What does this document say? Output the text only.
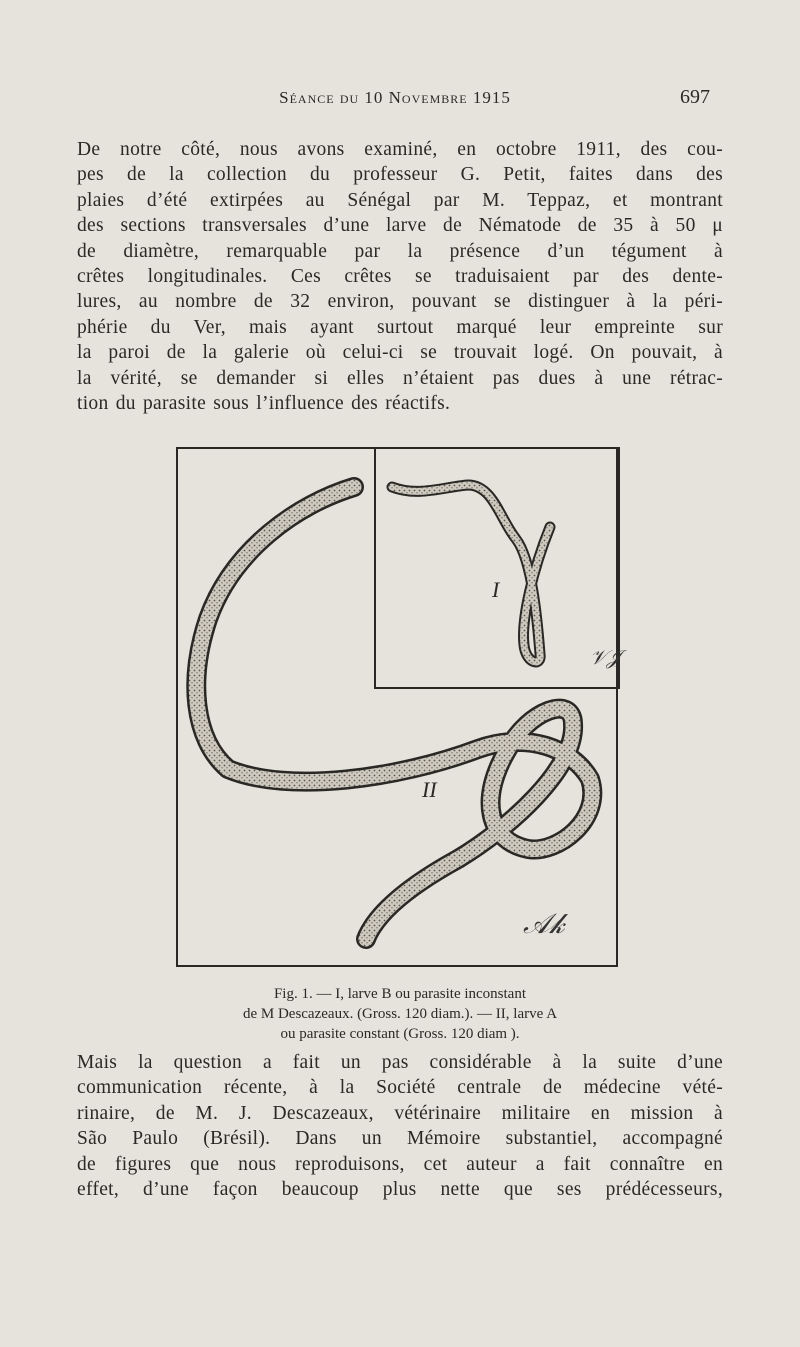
Séance du 10 Novembre 1915	697

De notre côté, nous avons examiné, en octobre 1911, des cou-
pes de la collection du professeur G. Petit, faites dans des
plaies d’été extirpées au Sénégal par M. Teppaz, et montrant
des sections transversales d’une larve de Nématode de 35 à 50 μ
de diamètre, remarquable par la présence d’un tégument à
crêtes longitudinales. Ces crêtes se traduisaient par des dente-
lures, au nombre de 32 environ, pouvant se distinguer à la péri-
phérie du Ver, mais ayant surtout marqué leur empreinte sur
la paroi de la galerie où celui-ci se trouvait logé. On pouvait, à
la vérité, se demander si elles n’étaient pas dues à une rétrac-
tion du parasite sous l’influence des réactifs.

I
II
𝒱𝒥
𝒜𝓀
Fig. 1. — I, larve B ou parasite inconstant
de M Descazeaux. (Gross. 120 diam.). — II, larve A
ou parasite constant (Gross. 120 diam ).

Mais la question a fait un pas considérable à la suite d’une
communication récente, à la Société centrale de médecine vété-
rinaire, de M. J. Descazeaux, vétérinaire militaire en mission à
São Paulo (Brésil). Dans un Mémoire substantiel, accompagné
de figures que nous reproduisons, cet auteur a fait connaître en
effet, d’une façon beaucoup plus nette que ses prédécesseurs,
